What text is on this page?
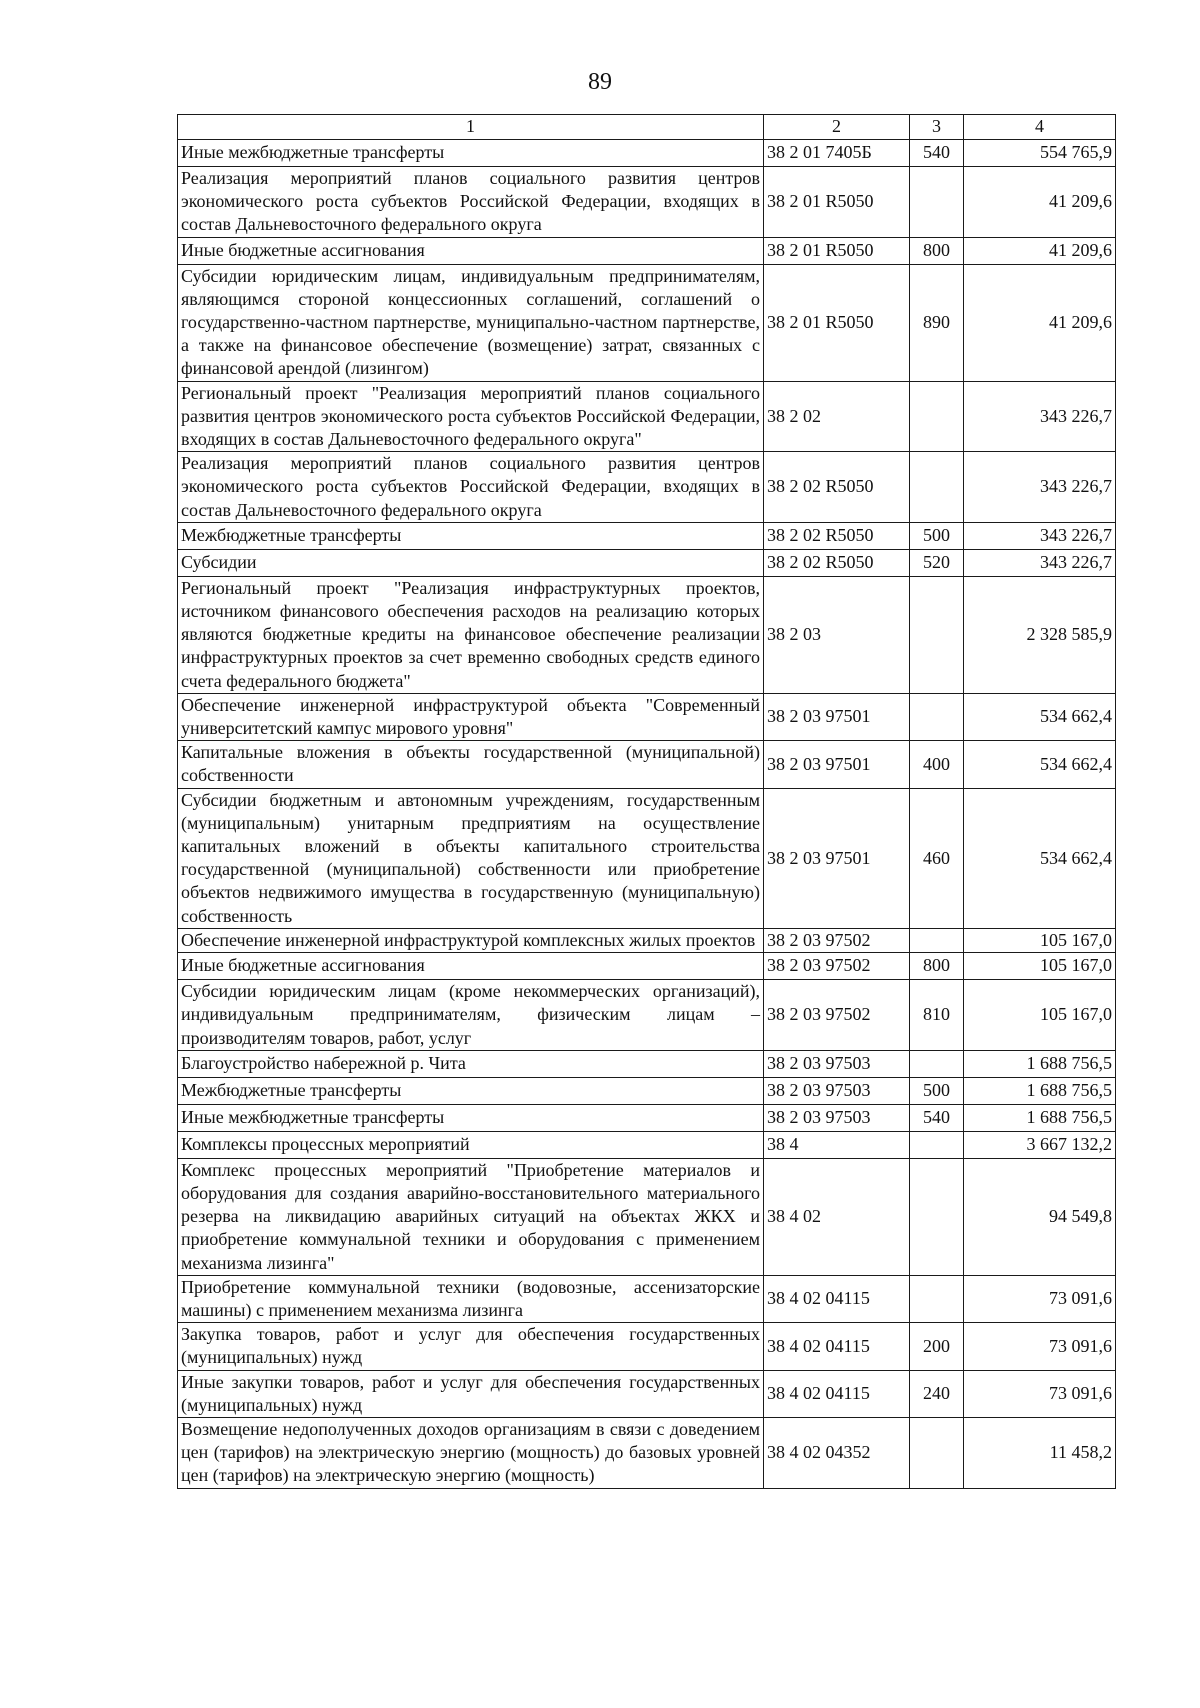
89
1	2	3	4
Иные межбюджетные трансферты	38 2 01 7405Б	540	554 765,9
Реализация мероприятий планов социального развития центров экономического роста субъектов Российской Федерации, входящих в состав Дальневосточного федерального округа	38 2 01 R5050		41 209,6
Иные бюджетные ассигнования	38 2 01 R5050	800	41 209,6
Субсидии юридическим лицам, индивидуальным предпринимателям, являющимся стороной концессионных соглашений, соглашений о государственно-частном партнерстве, муниципально-частном партнерстве, а также на финансовое обеспечение (возмещение) затрат, связанных с финансовой арендой (лизингом)	38 2 01 R5050	890	41 209,6
Региональный проект "Реализация мероприятий планов социального развития центров экономического роста субъектов Российской Федерации, входящих в состав Дальневосточного федерального округа"	38 2 02		343 226,7
Реализация мероприятий планов социального развития центров экономического роста субъектов Российской Федерации, входящих в состав Дальневосточного федерального округа	38 2 02 R5050		343 226,7
Межбюджетные трансферты	38 2 02 R5050	500	343 226,7
Субсидии	38 2 02 R5050	520	343 226,7
Региональный проект "Реализация инфраструктурных проектов, источником финансового обеспечения расходов на реализацию которых являются бюджетные кредиты на финансовое обеспечение реализации инфраструктурных проектов за счет временно свободных средств единого счета федерального бюджета"	38 2 03		2 328 585,9
Обеспечение инженерной инфраструктурой объекта "Современный университетский кампус мирового уровня"	38 2 03 97501		534 662,4
Капитальные вложения в объекты государственной (муниципальной) собственности	38 2 03 97501	400	534 662,4
Субсидии бюджетным и автономным учреждениям, государственным (муниципальным) унитарным предприятиям на осуществление капитальных вложений в объекты капитального строительства государственной (муниципальной) собственности или приобретение объектов недвижимого имущества в государственную (муниципальную) собственность	38 2 03 97501	460	534 662,4
Обеспечение инженерной инфраструктурой комплексных жилых проектов	38 2 03 97502		105 167,0
Иные бюджетные ассигнования	38 2 03 97502	800	105 167,0
Субсидии юридическим лицам (кроме некоммерческих организаций), индивидуальным предпринимателям, физическим лицам – производителям товаров, работ, услуг	38 2 03 97502	810	105 167,0
Благоустройство набережной р. Чита	38 2 03 97503		1 688 756,5
Межбюджетные трансферты	38 2 03 97503	500	1 688 756,5
Иные межбюджетные трансферты	38 2 03 97503	540	1 688 756,5
Комплексы процессных мероприятий	38 4		3 667 132,2
Комплекс процессных мероприятий "Приобретение материалов и оборудования для создания аварийно-восстановительного материального резерва на ликвидацию аварийных ситуаций на объектах ЖКХ и приобретение коммунальной техники и оборудования с применением механизма лизинга"	38 4 02		94 549,8
Приобретение коммунальной техники (водовозные, ассенизаторские машины) с применением механизма лизинга	38 4 02 04115		73 091,6
Закупка товаров, работ и услуг для обеспечения государственных (муниципальных) нужд	38 4 02 04115	200	73 091,6
Иные закупки товаров, работ и услуг для обеспечения государственных (муниципальных) нужд	38 4 02 04115	240	73 091,6
Возмещение недополученных доходов организациям в связи с доведением цен (тарифов) на электрическую энергию (мощность) до базовых уровней цен (тарифов) на электрическую энергию (мощность)	38 4 02 04352		11 458,2
